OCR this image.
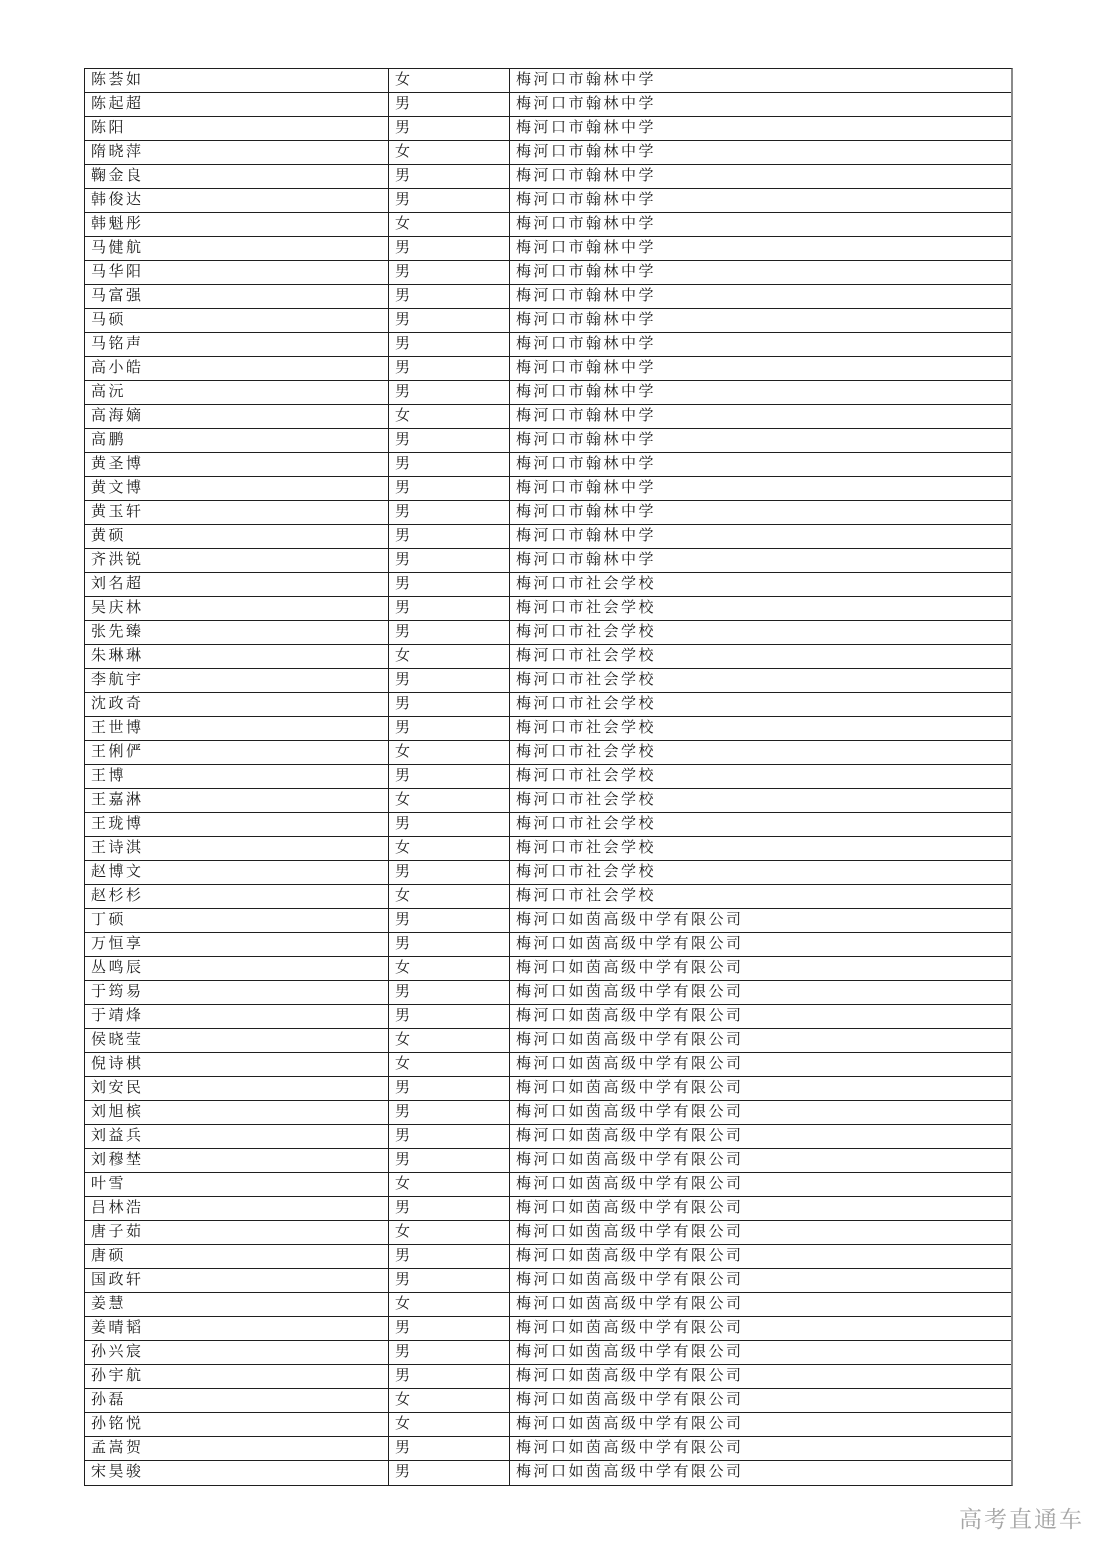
陈荟如	女	梅河口市翰林中学
陈起超	男	梅河口市翰林中学
陈阳	男	梅河口市翰林中学
隋晓萍	女	梅河口市翰林中学
鞠金良	男	梅河口市翰林中学
韩俊达	男	梅河口市翰林中学
韩魁彤	女	梅河口市翰林中学
马健航	男	梅河口市翰林中学
马华阳	男	梅河口市翰林中学
马富强	男	梅河口市翰林中学
马硕	男	梅河口市翰林中学
马铭声	男	梅河口市翰林中学
高小皓	男	梅河口市翰林中学
高沅	男	梅河口市翰林中学
高海嫡	女	梅河口市翰林中学
高鹏	男	梅河口市翰林中学
黄圣博	男	梅河口市翰林中学
黄文博	男	梅河口市翰林中学
黄玉轩	男	梅河口市翰林中学
黄硕	男	梅河口市翰林中学
齐洪锐	男	梅河口市翰林中学
刘名超	男	梅河口市社会学校
吴庆林	男	梅河口市社会学校
张先臻	男	梅河口市社会学校
朱琳琳	女	梅河口市社会学校
李航宇	男	梅河口市社会学校
沈政奇	男	梅河口市社会学校
王世博	男	梅河口市社会学校
王俐俨	女	梅河口市社会学校
王博	男	梅河口市社会学校
王嘉淋	女	梅河口市社会学校
王珑博	男	梅河口市社会学校
王诗淇	女	梅河口市社会学校
赵博文	男	梅河口市社会学校
赵杉杉	女	梅河口市社会学校
丁硕	男	梅河口如茵高级中学有限公司
万恒享	男	梅河口如茵高级中学有限公司
丛鸣辰	女	梅河口如茵高级中学有限公司
于筠易	男	梅河口如茵高级中学有限公司
于靖烽	男	梅河口如茵高级中学有限公司
侯晓莹	女	梅河口如茵高级中学有限公司
倪诗棋	女	梅河口如茵高级中学有限公司
刘安民	男	梅河口如茵高级中学有限公司
刘旭槟	男	梅河口如茵高级中学有限公司
刘益兵	男	梅河口如茵高级中学有限公司
刘穆埜	男	梅河口如茵高级中学有限公司
叶雪	女	梅河口如茵高级中学有限公司
吕林浩	男	梅河口如茵高级中学有限公司
唐子茹	女	梅河口如茵高级中学有限公司
唐硕	男	梅河口如茵高级中学有限公司
国政轩	男	梅河口如茵高级中学有限公司
姜慧	女	梅河口如茵高级中学有限公司
姜晴韬	男	梅河口如茵高级中学有限公司
孙兴宸	男	梅河口如茵高级中学有限公司
孙宇航	男	梅河口如茵高级中学有限公司
孙磊	女	梅河口如茵高级中学有限公司
孙铭悦	女	梅河口如茵高级中学有限公司
孟嵩贺	男	梅河口如茵高级中学有限公司
宋昊骏	男	梅河口如茵高级中学有限公司
高考直通车
